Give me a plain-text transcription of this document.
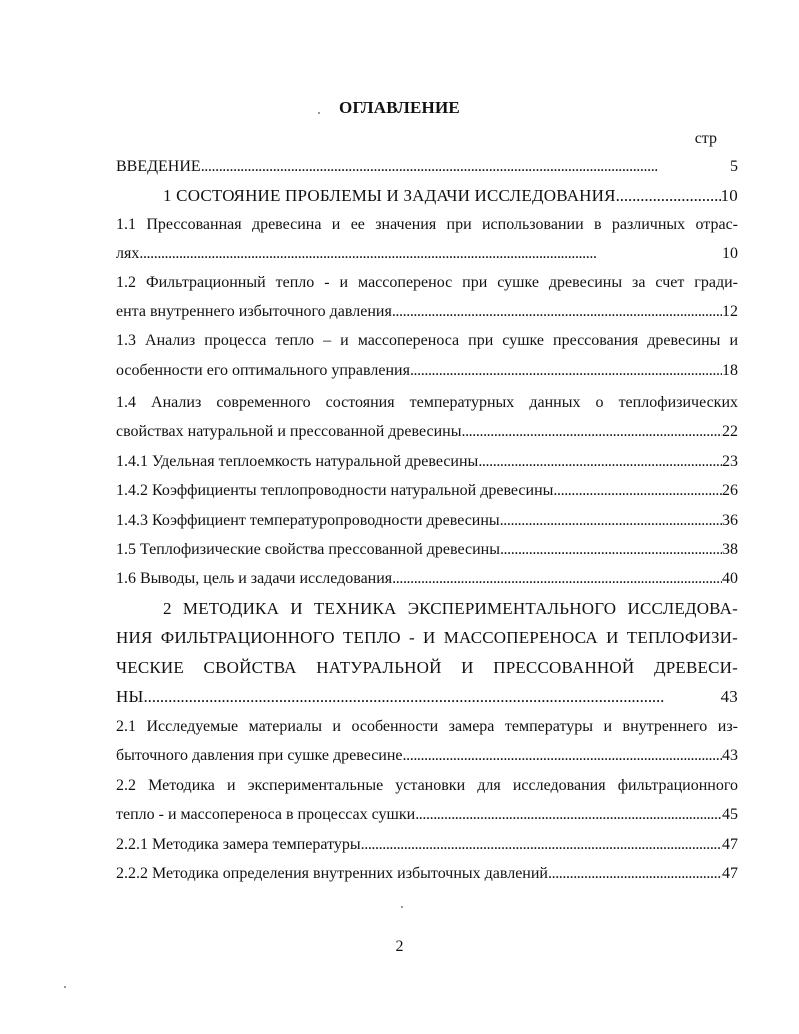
ОГЛАВЛЕНИЕ
стр
ВВЕДЕНИЕ . . .	5
1 СОСТОЯНИЕ ПРОБЛЕМЫ И ЗАДАЧИ ИССЛЕДОВАНИЯ . . .	10
1.1 Прессованная древесина и ее значения при использовании в различных отрас-
лях . . .	10
1.2 Фильтрационный тепло - и массоперенос при сушке древесины за счет гради-
ента внутреннего избыточного давления . . .	12
1.3 Анализ процесса тепло – и массопереноса при сушке прессования древесины и
особенности его оптимального управления . . .	18
1.4 Анализ современного состояния температурных данных о теплофизических
свойствах натуральной и прессованной древесины . . .	22
1.4.1 Удельная теплоемкость натуральной древесины . . .	23
1.4.2 Коэффициенты теплопроводности натуральной древесины . . .	26
1.4.3 Коэффициент температуропроводности древесины . . .	36
1.5 Теплофизические свойства прессованной древесины . . .	38
1.6 Выводы, цель и задачи исследования . . .	40
2 МЕТОДИКА И ТЕХНИКА ЭКСПЕРИМЕНТАЛЬНОГО ИССЛЕДОВА-
НИЯ ФИЛЬТРАЦИОННОГО ТЕПЛО - И МАССОПЕРЕНОСА И ТЕПЛОФИЗИ-
ЧЕСКИЕ СВОЙСТВА НАТУРАЛЬНОЙ И ПРЕССОВАННОЙ ДРЕВЕСИ-
НЫ . . .	43
2.1 Исследуемые материалы и особенности замера температуры и внутреннего из-
быточного давления при сушке древесине . . .	43
2.2 Методика и экспериментальные установки для исследования фильтрационного
тепло - и массопереноса в процессах сушки . . .	45
2.2.1 Методика замера температуры . . .	47
2.2.2 Методика определения внутренних избыточных давлений . . .	47
2
